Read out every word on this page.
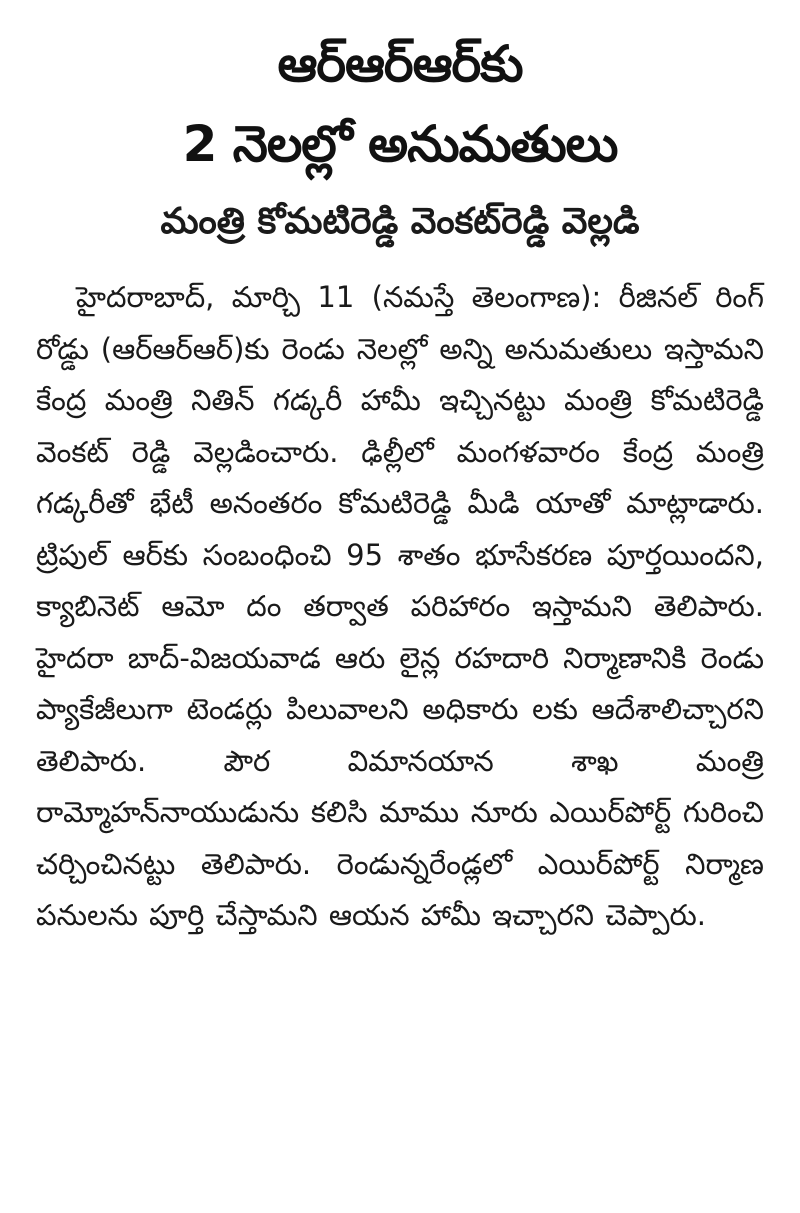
ఆర్‌ఆర్‌ఆర్‌కు
2 నెలల్లో అనుమతులు
మంత్రి కోమటిరెడ్డి వెంకట్‌రెడ్డి వెల్లడి

హైదరాబాద్‌, మార్చి 11 (నమస్తే తెలంగాణ): రీజినల్‌ రింగ్‌ రోడ్డు (ఆర్‌ఆర్‌ఆర్‌)కు రెండు నెలల్లో అన్ని అనుమతులు ఇస్తామని కేంద్ర మంత్రి నితిన్‌ గడ్కరీ హామీ ఇచ్చినట్టు మంత్రి కోమటిరెడ్డి వెంకట్‌ రెడ్డి వెల్లడించారు. ఢిల్లీలో మంగళవారం కేంద్ర మంత్రి గడ్కరీతో భేటీ అనంతరం కోమటిరెడ్డి మీడి యాతో మాట్లాడారు. ట్రిపుల్‌ ఆర్‌కు సంబంధించి 95 శాతం భూసేకరణ పూర్తయిందని, క్యాబినెట్‌ ఆమో దం తర్వాత పరిహారం ఇస్తామని తెలిపారు. హైదరా బాద్‌-విజయవాడ ఆరు లైన్ల రహదారి నిర్మాణానికి రెండు ప్యాకేజీలుగా టెండర్లు పిలువాలని అధికారు లకు ఆదేశాలిచ్చారని తెలిపారు. పౌర విమానయాన శాఖ మంత్రి రామ్మోహన్‌నాయుడును కలిసి మాము నూరు ఎయిర్‌పోర్ట్‌ గురించి చర్చించినట్టు తెలిపారు. రెండున్నరేండ్లలో ఎయిర్‌పోర్ట్‌ నిర్మాణ పనులను పూర్తి చేస్తామని ఆయన హామీ ఇచ్చారని చెప్పారు.
